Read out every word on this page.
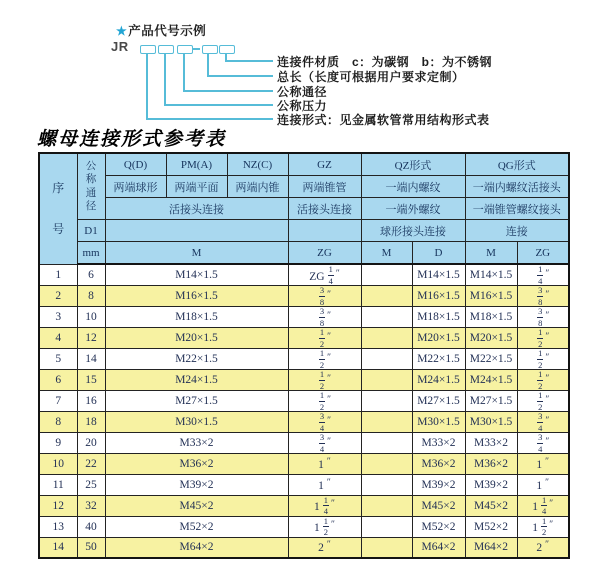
★产品代号示例
JR
连接件材质　c：为碳钢　b：为不锈钢
总长（长度可根据用户要求定制）
公称通径
公称压力
连接形式：见金属软管常用结构形式表
螺母连接形式参考表
序号	公称通径	Q(D)	PM(A)	NZ(C)	GZ	QZ形式		QG形式	
		两端球形	两端平面	两端内锥	两端锥管	一端内螺纹		一端内螺纹活接头	
		活接头连接			活接头连接	一端外螺纹		一端锥管螺纹接头	
	D1					球形接头连接		连接	
	mm	M			ZG	M	D	M	ZG
1	6	M14×1.5			ZG $\frac{1}{4} ''$		M14×1.5	M14×1.5	$\frac{1}{4} ''$
2	8	M16×1.5			$\frac{3}{8} ''$		M16×1.5	M16×1.5	$\frac{3}{8} ''$
3	10	M18×1.5			$\frac{3}{8} ''$		M18×1.5	M18×1.5	$\frac{3}{8} ''$
4	12	M20×1.5			$\frac{1}{2} ''$		M20×1.5	M20×1.5	$\frac{1}{2} ''$
5	14	M22×1.5			$\frac{1}{2} ''$		M22×1.5	M22×1.5	$\frac{1}{2} ''$
6	15	M24×1.5			$\frac{1}{2} ''$		M24×1.5	M24×1.5	$\frac{1}{2} ''$
7	16	M27×1.5			$\frac{1}{2} ''$		M27×1.5	M27×1.5	$\frac{1}{2} ''$
8	18	M30×1.5			$\frac{3}{4} ''$		M30×1.5	M30×1.5	$\frac{3}{4} ''$
9	20	M33×2			$\frac{3}{4} ''$		M33×2	M33×2	$\frac{3}{4} ''$
10	22	M36×2			1 ″		M36×2	M36×2	1 ″
11	25	M39×2			1 ″		M39×2	M39×2	1 ″
12	32	M45×2			$1 \frac{1}{4} ''$		M45×2	M45×2	$1 \frac{1}{4} ''$
13	40	M52×2			$1 \frac{1}{2} ''$		M52×2	M52×2	$1 \frac{1}{2} ''$
14	50	M64×2			2 ″		M64×2	M64×2	2 ″
